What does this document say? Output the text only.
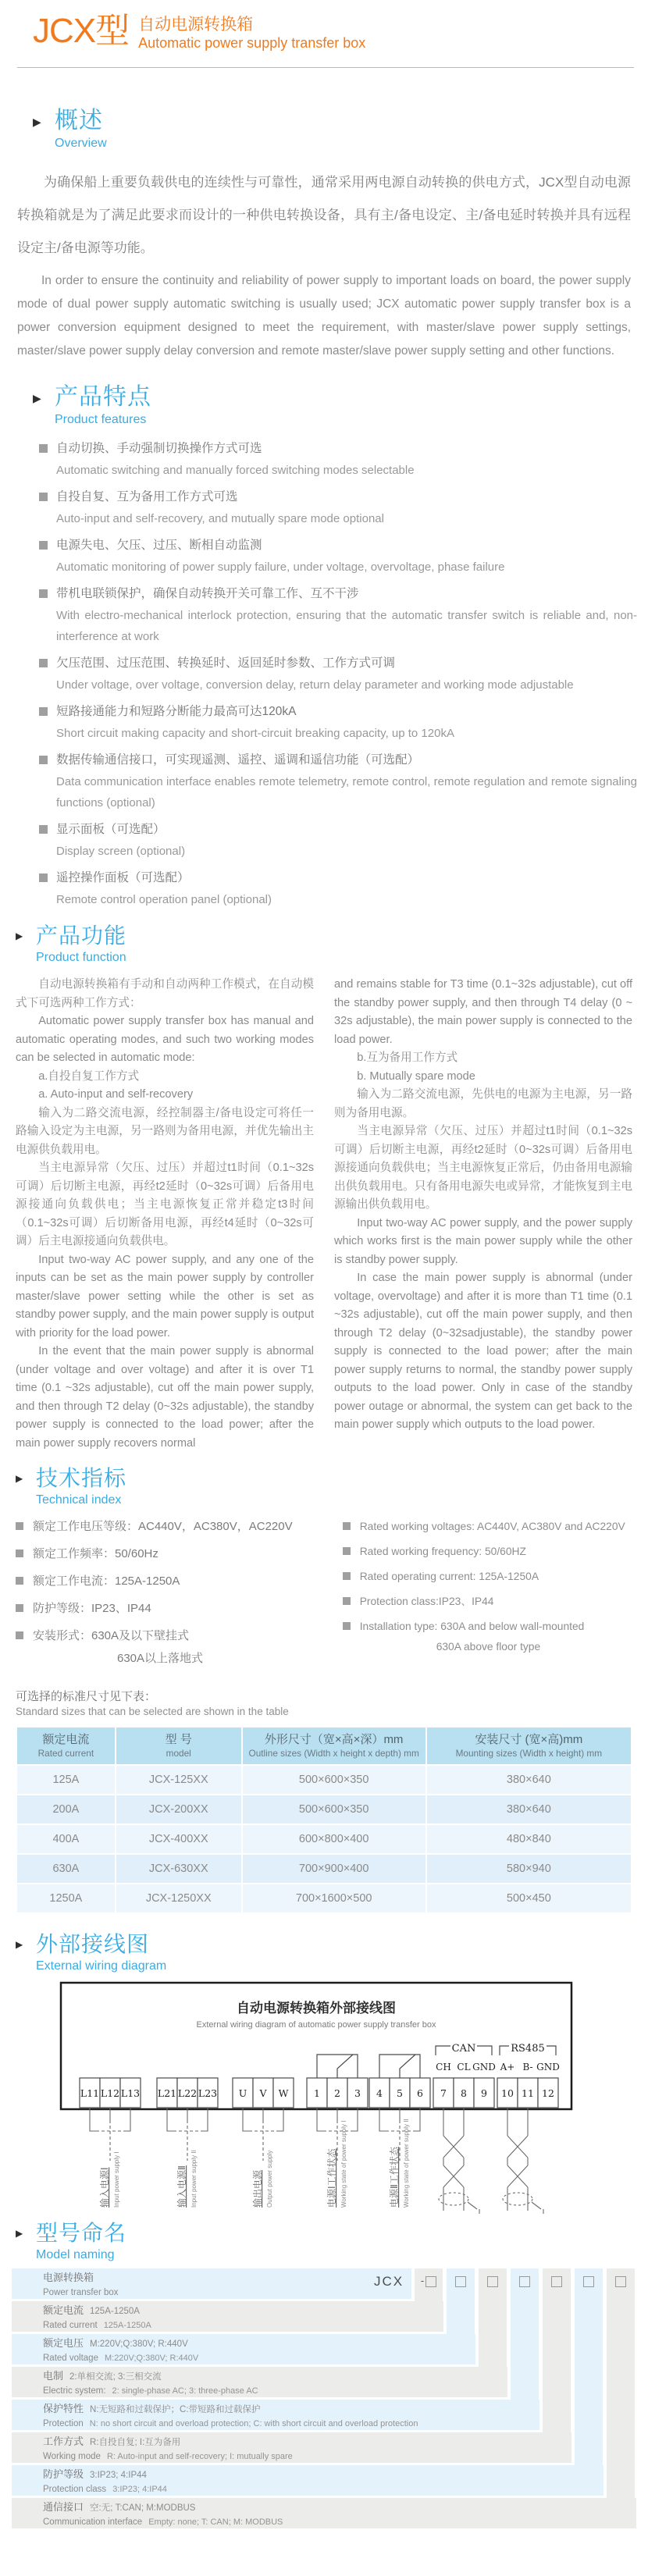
JCX型 自动电源转换箱
Automatic power supply transfer box
▶ 概述
Overview

为确保船上重要负载供电的连续性与可靠性，通常采用两电源自动转换的供电方式，JCX型自动电源转换箱就是为了满足此要求而设计的一种供电转换设备，具有主/备电设定、主/备电延时转换并具有远程设定主/备电源等功能。

In order to ensure the continuity and reliability of power supply to important loads on board, the power supply mode of dual power supply automatic switching is usually used; JCX automatic power supply transfer box is a power conversion equipment designed to meet the requirement, with master/slave power supply settings, master/slave power supply delay conversion and remote master/slave power supply setting and other functions.

▶ 产品特点
Product features
自动切换、手动强制切换操作方式可选
Automatic switching and manually forced switching modes selectable
自投自复、互为备用工作方式可选
Auto-input and self-recovery, and mutually spare mode optional
电源失电、欠压、过压、断相自动监测
Automatic monitoring of power supply failure, under voltage, overvoltage, phase failure
带机电联锁保护，确保自动转换开关可靠工作、互不干涉
With electro-mechanical interlock protection, ensuring that the automatic transfer switch is reliable and, non-interference at work
欠压范围、过压范围、转换延时、返回延时参数、工作方式可调
Under voltage, over voltage, conversion delay, return delay parameter and working mode adjustable
短路接通能力和短路分断能力最高可达120kA
Short circuit making capacity and short-circuit breaking capacity, up to 120kA
数据传输通信接口，可实现遥测、遥控、遥调和遥信功能（可选配）
Data communication interface enables remote telemetry, remote control, remote regulation and remote signaling functions (optional)
显示面板（可选配）
Display screen (optional)
遥控操作面板（可选配）
Remote control operation panel (optional)
▶ 产品功能
Product function

自动电源转换箱有手动和自动两种工作模式，在自动模式下可选两种工作方式：

Automatic power supply transfer box has manual and automatic operating modes, and such two working modes can be selected in automatic mode:

a.自投自复工作方式

a. Auto-input and self-recovery

输入为二路交流电源，经控制器主/备电设定可将任一路输入设定为主电源，另一路则为备用电源，并优先输出主电源供负载用电。

当主电源异常（欠压、过压）并超过t1时间（0.1~32s可调）后切断主电源，再经t2延时（0~32s可调）后备用电源接通向负载供电；当主电源恢复正常并稳定t3时间（0.1~32s可调）后切断备用电源，再经t4延时（0~32s可调）后主电源接通向负载供电。

Input two-way AC power supply, and any one of the inputs can be set as the main power supply by controller master/slave power setting while the other is set as standby power supply, and the main power supply is output with priority for the load power.

In the event that the main power supply is abnormal (under voltage and over voltage) and after it is over T1 time (0.1 ~32s adjustable), cut off the main power supply, and then through T2 delay (0~32s adjustable), the standby power supply is connected to the load power; after the main power supply recovers normal

and remains stable for T3 time (0.1~32s adjustable), cut off the standby power supply, and then through T4 delay (0 ~ 32s adjustable), the main power supply is connected to the load power.

b.互为备用工作方式

b. Mutually spare mode

输入为二路交流电源，先供电的电源为主电源，另一路则为备用电源。

当主电源异常（欠压、过压）并超过t1时间（0.1~32s可调）后切断主电源，再经t2延时（0~32s可调）后备用电源接通向负载供电；当主电源恢复正常后，仍由备用电源输出供负载用电。只有备用电源失电或异常，才能恢复到主电源输出供负载用电。

Input two-way AC power supply, and the power supply which works first is the main power supply while the other is standby power supply.

In case the main power supply is abnormal (under voltage, overvoltage) and after it is more than T1 time (0.1 ~32s adjustable), cut off the main power supply, and then through T2 delay (0~32sadjustable), the standby power supply is connected to the load power; after the main power supply returns to normal, the standby power supply outputs to the load power. Only in case of the standby power outage or abnormal, the system can get back to the main power supply which outputs to the load power.

▶ 技术指标
Technical index
额定工作电压等级：AC440V，AC380V，AC220V
额定工作频率：50/60Hz
额定工作电流：125A-1250A
防护等级：IP23、IP44
安装形式：630A及以下壁挂式
630A以上落地式
Rated working voltages: AC440V, AC380V and AC220V
Rated working frequency: 50/60HZ
Rated operating current: 125A-1250A
Protection class:IP23、IP44
Installation type: 630A and below wall-mounted
630A above floor type
可选择的标准尺寸见下表：
Standard sizes that can be selected are shown in the table
额定电流
Rated current

型 号
model

外形尺寸（宽×高×深）mm
Outline sizes (Width x height x depth) mm

安装尺寸 (宽×高)mm
Mounting sizes (Width x height) mm

125A	JCX-125XX	500×600×350	380×640
200A	JCX-200XX	500×600×350	380×640
400A	JCX-400XX	600×800×400	480×840
630A	JCX-630XX	700×900×400	580×940
1250A	JCX-1250XX	700×1600×500	500×450
▶ 外部接线图
External wiring diagram
自动电源转换箱外部接线图
External wiring diagram of automatic power supply transfer box
L11 L12 L13 L21 L22 L23 U V W	1 2 3 4 5 6 7 8 9 10 11 12
CH CL GND A+ B- GND
CAN	RS485
输入电源Ⅰ Input power supply I	输入电源Ⅱ Input power supply II	输出电源 Output power supply	电源Ⅰ工作状态 Working state of power supply I	电源Ⅱ工作状态 Working state of power supply II
▶ 型号命名
Model naming
电源转换箱
Power transfer box
额定电流 125A-1250A
Rated current 125A-1250A
额定电压 M:220V;Q:380V; R:440V
Rated voltage M:220V;Q:380V; R:440V
电制 2:单相交流; 3:三相交流
Electric system: 2: single-phase AC; 3: three-phase AC
保护特性 N:无短路和过载保护；C:带短路和过载保护
Protection N: no short circuit and overload protection; C: with short circuit and overload protection
工作方式 R:自投自复; I:互为备用
Working mode R: Auto-input and self-recovery; I: mutually spare
防护等级 3:IP23; 4:IP44
Protection class 3:IP23; 4:IP44
通信接口 空:无; T:CAN; M:MODBUS
Communication interface Empty: none; T: CAN; M: MODBUS
-
JCX
